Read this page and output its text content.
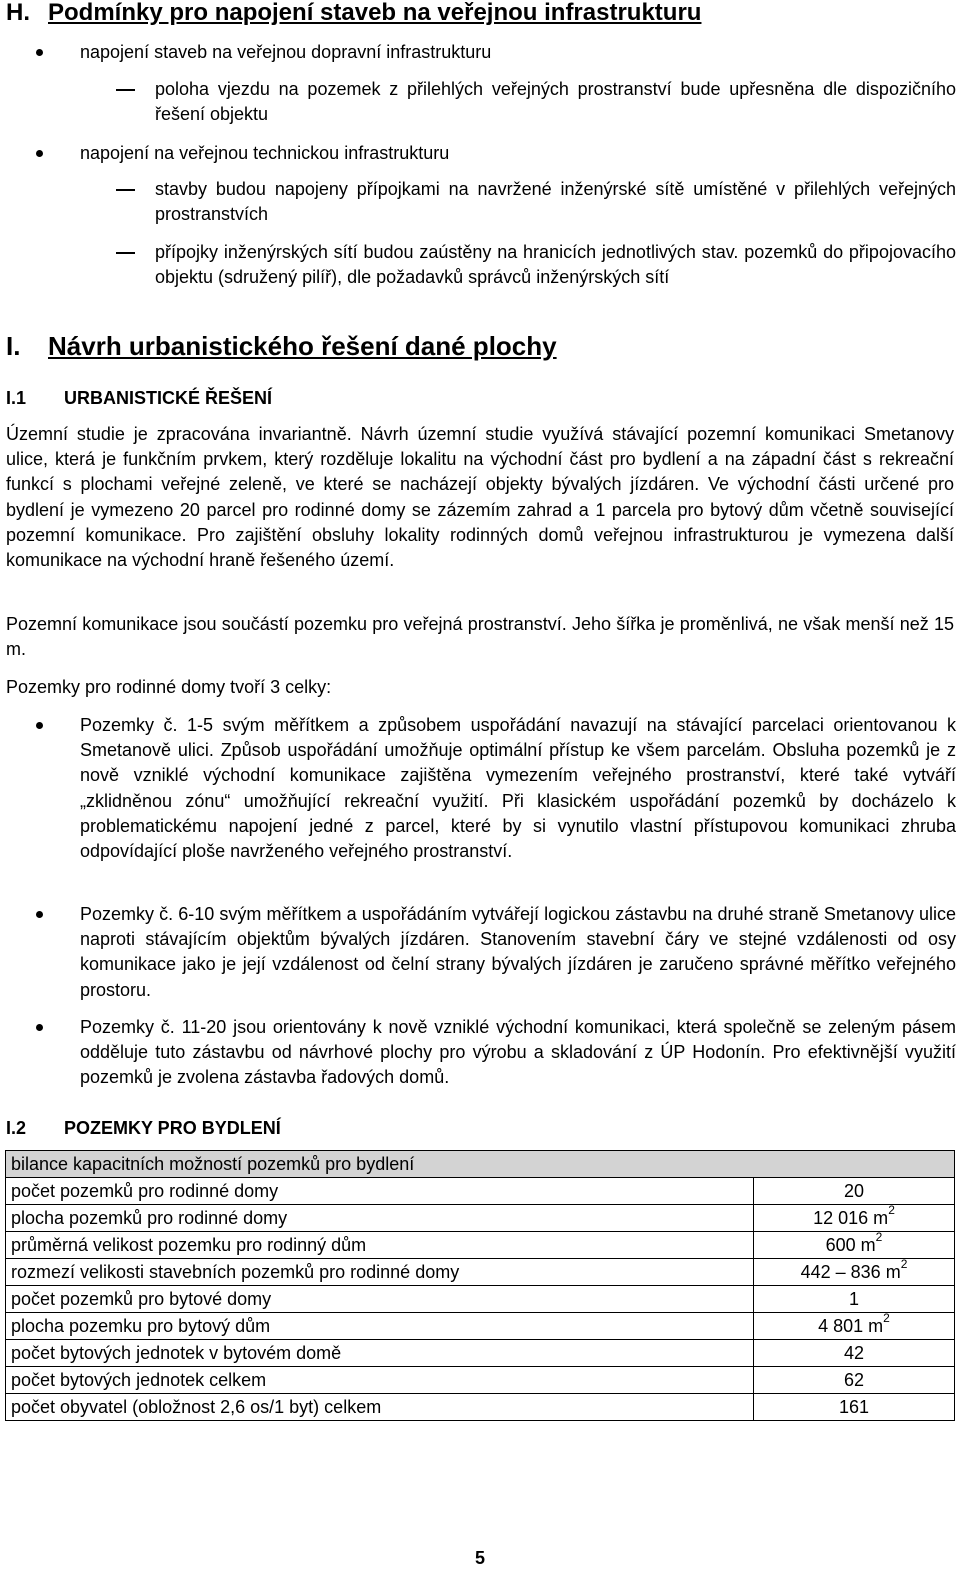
H. Podmínky pro napojení staveb na veřejnou infrastrukturu
napojení staveb na veřejnou dopravní infrastrukturu
poloha vjezdu na pozemek z přilehlých veřejných prostranství bude upřesněna dle dispozičního řešení objektu
napojení na veřejnou technickou infrastrukturu
stavby budou napojeny přípojkami na navržené inženýrské sítě umístěné v přilehlých veřejných prostranstvích
přípojky inženýrských sítí budou zaústěny na hranicích jednotlivých stav. pozemků do připojovacího objektu (sdružený pilíř), dle požadavků správců inženýrských sítí
I. Návrh urbanistického řešení dané plochy
I.1 URBANISTICKÉ ŘEŠENÍ
Územní studie je zpracována invariantně. Návrh územní studie využívá stávající pozemní komunikaci Smetanovy ulice, která je funkčním prvkem, který rozděluje lokalitu na východní část pro bydlení a na západní část s rekreační funkcí s plochami veřejné zeleně, ve které se nacházejí objekty bývalých jízdáren. Ve východní části určené pro bydlení je vymezeno 20 parcel pro rodinné domy se zázemím zahrad a 1 parcela pro bytový dům včetně související pozemní komunikace. Pro zajištění obsluhy lokality rodinných domů veřejnou infrastrukturou je vymezena další komunikace na východní hraně řešeného území.
Pozemní komunikace jsou součástí pozemku pro veřejná prostranství. Jeho šířka je proměnlivá, ne však menší než 15 m.
Pozemky pro rodinné domy tvoří 3 celky:
Pozemky č. 1-5 svým měřítkem a způsobem uspořádání navazují na stávající parcelaci orientovanou k Smetanově ulici. Způsob uspořádání umožňuje optimální přístup ke všem parcelám. Obsluha pozemků je z nově vzniklé východní komunikace zajištěna vymezením veřejného prostranství, které také vytváří „zklidněnou zónu“ umožňující rekreační využití. Při klasickém uspořádání pozemků by docházelo k problematickému napojení jedné z parcel, které by si vynutilo vlastní přístupovou komunikaci zhruba odpovídající ploše navrženého veřejného prostranství.
Pozemky č. 6-10 svým měřítkem a uspořádáním vytvářejí logickou zástavbu na druhé straně Smetanovy ulice naproti stávajícím objektům bývalých jízdáren. Stanovením stavební čáry ve stejné vzdálenosti od osy komunikace jako je její vzdálenost od čelní strany bývalých jízdáren je zaručeno správné měřítko veřejného prostoru.
Pozemky č. 11-20 jsou orientovány k nově vzniklé východní komunikaci, která společně se zeleným pásem odděluje tuto zástavbu od návrhové plochy pro výrobu a skladování z ÚP Hodonín. Pro efektivnější využití pozemků je zvolena zástavba řadových domů.
I.2 POZEMKY PRO BYDLENÍ
bilance kapacitních možností pozemků pro bydlení	
počet pozemků pro rodinné domy	20
plocha pozemků pro rodinné domy	12 016 $m^2$
průměrná velikost pozemku pro rodinný dům	600 $m^2$
rozmezí velikosti stavebních pozemků pro rodinné domy	442 – 836 $m^2$
počet pozemků pro bytové domy	1
plocha pozemku pro bytový dům	4 801 $m^2$
počet bytových jednotek v bytovém domě	42
počet bytových jednotek celkem	62
počet obyvatel (obložnost 2,6 os/1 byt) celkem	161
5
